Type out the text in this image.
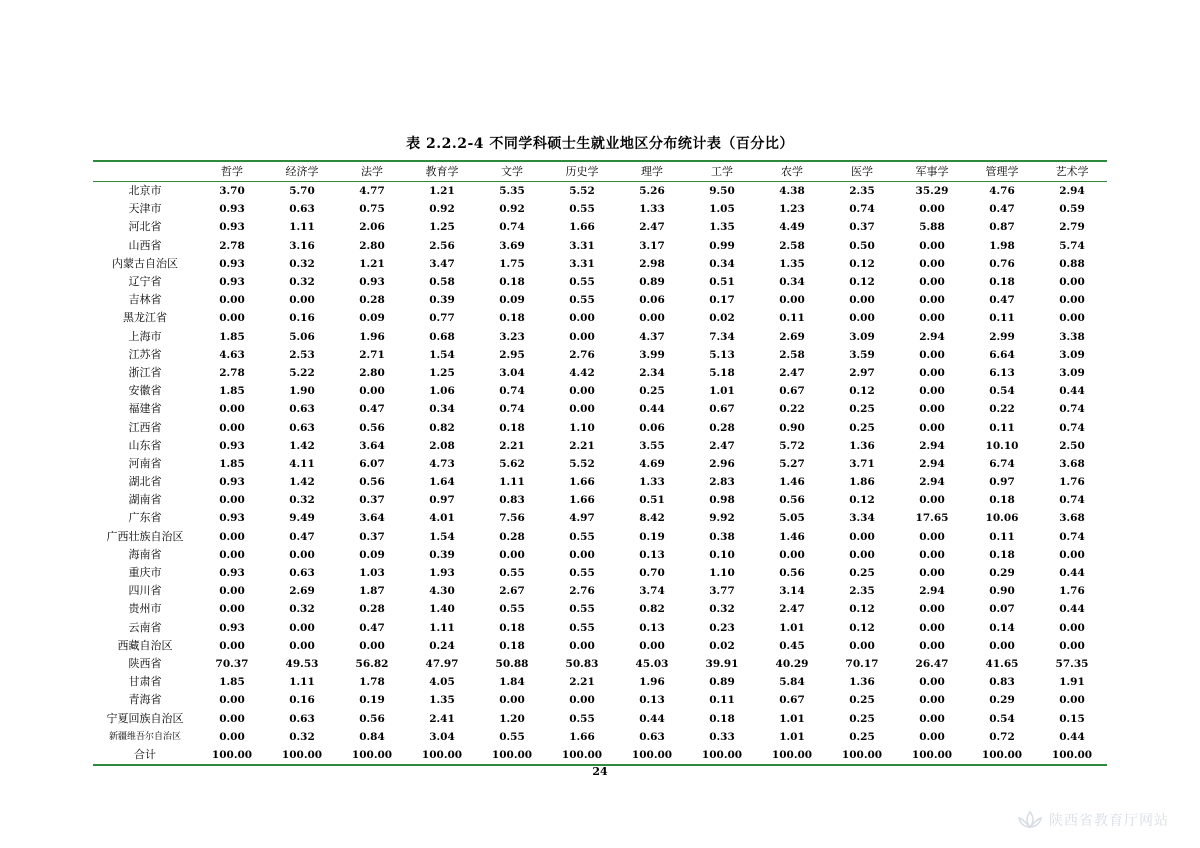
表 2.2.2-4 不同学科硕士生就业地区分布统计表（百分比）
	哲学	经济学	法学	教育学	文学	历史学	理学	工学	农学	医学	军事学	管理学	艺术学
北京市	3.70	5.70	4.77	1.21	5.35	5.52	5.26	9.50	4.38	2.35	35.29	4.76	2.94
天津市	0.93	0.63	0.75	0.92	0.92	0.55	1.33	1.05	1.23	0.74	0.00	0.47	0.59
河北省	0.93	1.11	2.06	1.25	0.74	1.66	2.47	1.35	4.49	0.37	5.88	0.87	2.79
山西省	2.78	3.16	2.80	2.56	3.69	3.31	3.17	0.99	2.58	0.50	0.00	1.98	5.74
内蒙古自治区	0.93	0.32	1.21	3.47	1.75	3.31	2.98	0.34	1.35	0.12	0.00	0.76	0.88
辽宁省	0.93	0.32	0.93	0.58	0.18	0.55	0.89	0.51	0.34	0.12	0.00	0.18	0.00
吉林省	0.00	0.00	0.28	0.39	0.09	0.55	0.06	0.17	0.00	0.00	0.00	0.47	0.00
黑龙江省	0.00	0.16	0.09	0.77	0.18	0.00	0.00	0.02	0.11	0.00	0.00	0.11	0.00
上海市	1.85	5.06	1.96	0.68	3.23	0.00	4.37	7.34	2.69	3.09	2.94	2.99	3.38
江苏省	4.63	2.53	2.71	1.54	2.95	2.76	3.99	5.13	2.58	3.59	0.00	6.64	3.09
浙江省	2.78	5.22	2.80	1.25	3.04	4.42	2.34	5.18	2.47	2.97	0.00	6.13	3.09
安徽省	1.85	1.90	0.00	1.06	0.74	0.00	0.25	1.01	0.67	0.12	0.00	0.54	0.44
福建省	0.00	0.63	0.47	0.34	0.74	0.00	0.44	0.67	0.22	0.25	0.00	0.22	0.74
江西省	0.00	0.63	0.56	0.82	0.18	1.10	0.06	0.28	0.90	0.25	0.00	0.11	0.74
山东省	0.93	1.42	3.64	2.08	2.21	2.21	3.55	2.47	5.72	1.36	2.94	10.10	2.50
河南省	1.85	4.11	6.07	4.73	5.62	5.52	4.69	2.96	5.27	3.71	2.94	6.74	3.68
湖北省	0.93	1.42	0.56	1.64	1.11	1.66	1.33	2.83	1.46	1.86	2.94	0.97	1.76
湖南省	0.00	0.32	0.37	0.97	0.83	1.66	0.51	0.98	0.56	0.12	0.00	0.18	0.74
广东省	0.93	9.49	3.64	4.01	7.56	4.97	8.42	9.92	5.05	3.34	17.65	10.06	3.68
广西壮族自治区	0.00	0.47	0.37	1.54	0.28	0.55	0.19	0.38	1.46	0.00	0.00	0.11	0.74
海南省	0.00	0.00	0.09	0.39	0.00	0.00	0.13	0.10	0.00	0.00	0.00	0.18	0.00
重庆市	0.93	0.63	1.03	1.93	0.55	0.55	0.70	1.10	0.56	0.25	0.00	0.29	0.44
四川省	0.00	2.69	1.87	4.30	2.67	2.76	3.74	3.77	3.14	2.35	2.94	0.90	1.76
贵州市	0.00	0.32	0.28	1.40	0.55	0.55	0.82	0.32	2.47	0.12	0.00	0.07	0.44
云南省	0.93	0.00	0.47	1.11	0.18	0.55	0.13	0.23	1.01	0.12	0.00	0.14	0.00
西藏自治区	0.00	0.00	0.00	0.24	0.18	0.00	0.00	0.02	0.45	0.00	0.00	0.00	0.00
陕西省	70.37	49.53	56.82	47.97	50.88	50.83	45.03	39.91	40.29	70.17	26.47	41.65	57.35
甘肃省	1.85	1.11	1.78	4.05	1.84	2.21	1.96	0.89	5.84	1.36	0.00	0.83	1.91
青海省	0.00	0.16	0.19	1.35	0.00	0.00	0.13	0.11	0.67	0.25	0.00	0.29	0.00
宁夏回族自治区	0.00	0.63	0.56	2.41	1.20	0.55	0.44	0.18	1.01	0.25	0.00	0.54	0.15
新疆维吾尔自治区	0.00	0.32	0.84	3.04	0.55	1.66	0.63	0.33	1.01	0.25	0.00	0.72	0.44
合计	100.00	100.00	100.00	100.00	100.00	100.00	100.00	100.00	100.00	100.00	100.00	100.00	100.00
24
陕西省教育厅网站
